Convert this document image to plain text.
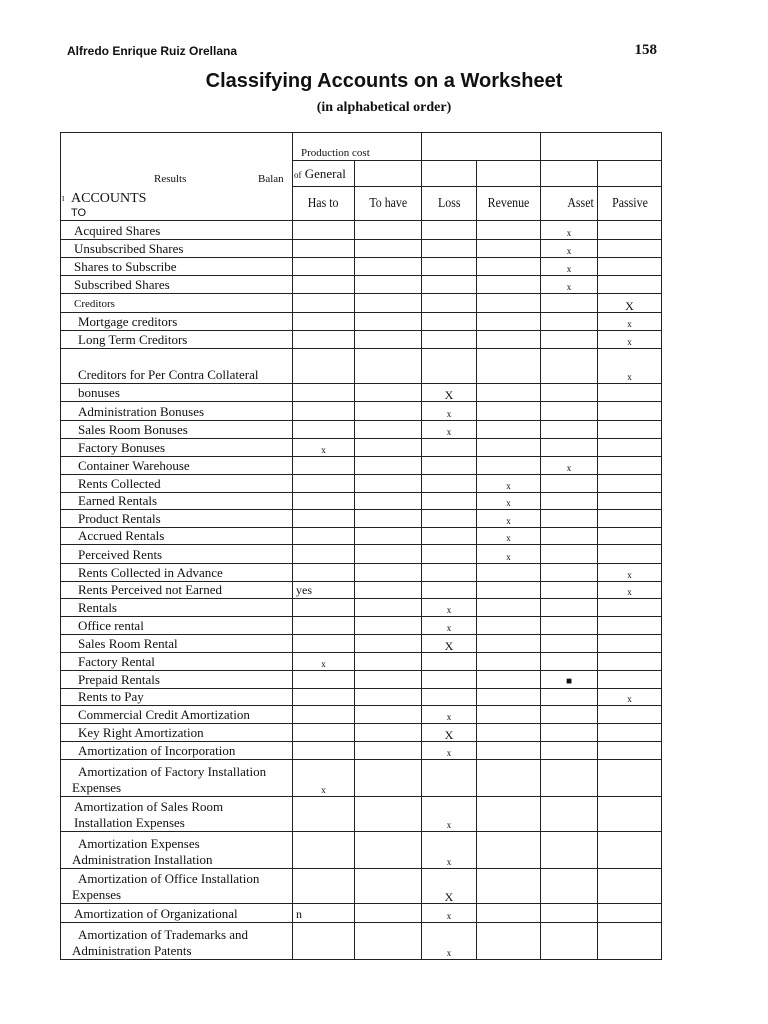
Alfredo Enrique Ruiz Orellana	158
Classifying Accounts on a Worksheet
(in alphabetical order)
Results Balan
I ACCOUNTS
TO	Production cost					
	of General					
	Has to	To have	Loss	Revenue	Asset	Passive
Acquired Shares					x	
Unsubscribed Shares					x	
Shares to Subscribe					x	
Subscribed Shares					x	
Creditors						X
Mortgage creditors						x
Long Term Creditors						x
Creditors for Per Contra Collateral						x
bonuses			X			
Administration Bonuses			x			
Sales Room Bonuses			x			
Factory Bonuses	x					
Container Warehouse					x	
Rents Collected				x		
Earned Rentals				x		
Product Rentals				x		
Accrued Rentals				x		
Perceived Rents				x		
Rents Collected in Advance						x
Rents Perceived not Earned	yes					x
Rentals			x			
Office rental			x			
Sales Room Rental			X			
Factory Rental	x					
Prepaid Rentals					■	
Rents to Pay						x
Commercial Credit Amortization			x			
Key Right Amortization			X			
Amortization of Incorporation			x			

Amortization of Factory Installation
Expenses	x					

Amortization of Sales Room
Installation Expenses			x			

Amortization Expenses
Administration Installation			x			

Amortization of Office Installation
Expenses			X			
Amortization of Organizational	n		x			

Amortization of Trademarks and
Administration Patents			x			
